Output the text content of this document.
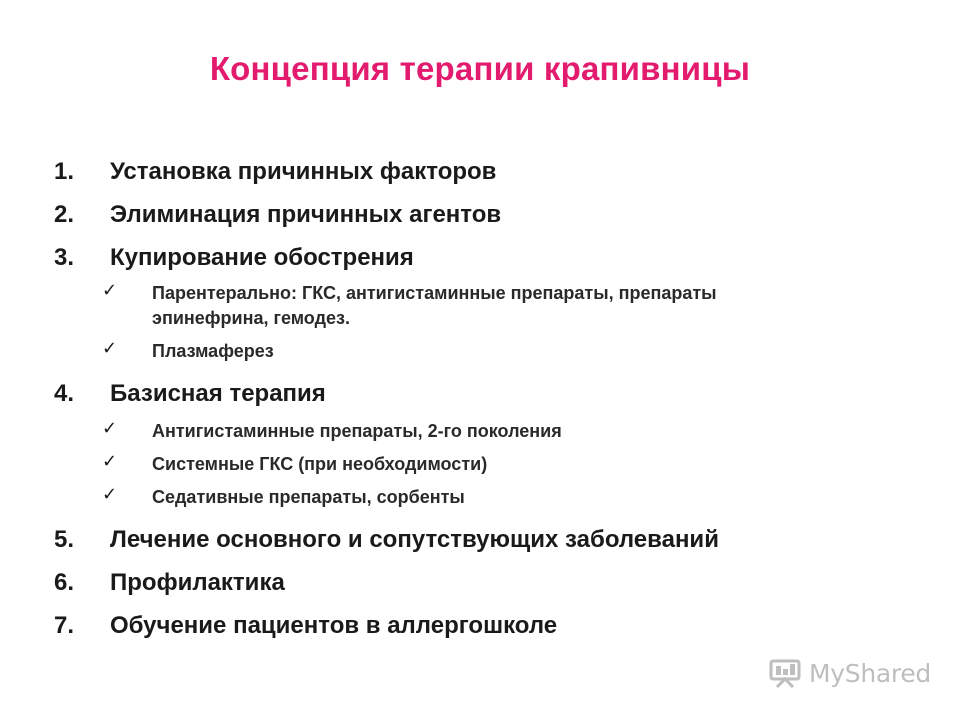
Концепция терапии крапивницы
1. Установка причинных факторов
2. Элиминация причинных агентов
3. Купирование обострения
✓ Парентерально: ГКС, антигистаминные препараты, препараты
эпинефрина, гемодез.
✓ Плазмаферез
4. Базисная терапия
✓ Антигистаминные препараты, 2-го поколения
✓ Системные ГКС (при необходимости)
✓ Седативные препараты, сорбенты
5. Лечение основного и сопутствующих заболеваний
6. Профилактика
7. Обучение пациентов в аллергошколе
MyShared
